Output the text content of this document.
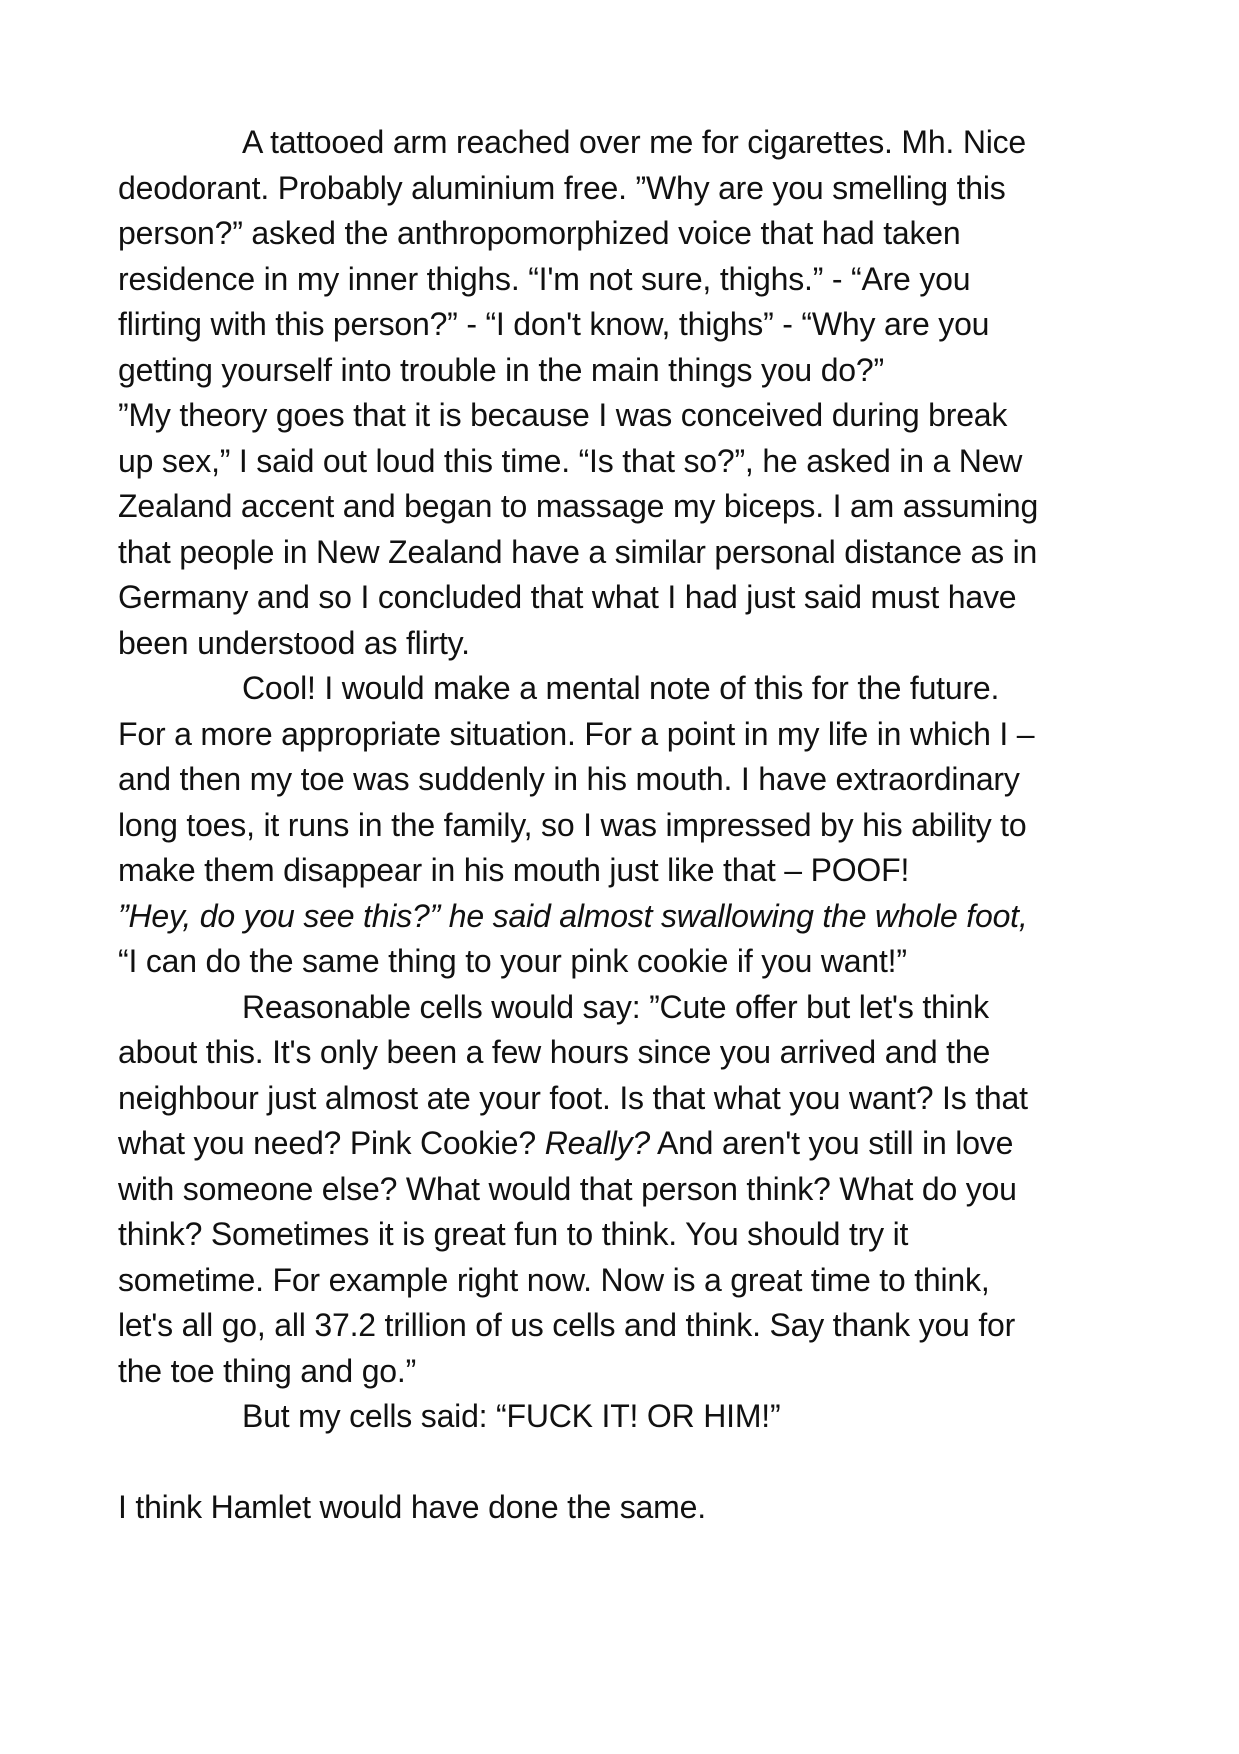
A tattooed arm reached over me for cigarettes. Mh. Nice
deodorant. Probably aluminium free. ”Why are you smelling this
person?” asked the anthropomorphized voice that had taken
residence in my inner thighs. “I'm not sure, thighs.” - “Are you
flirting with this person?” - “I don't know, thighs” - “Why are you
getting yourself into trouble in the main things you do?”
”My theory goes that it is because I was conceived during break
up sex,” I said out loud this time. “Is that so?”, he asked in a New
Zealand accent and began to massage my biceps. I am assuming
that people in New Zealand have a similar personal distance as in
Germany and so I concluded that what I had just said must have
been understood as flirty.
Cool! I would make a mental note of this for the future.
For a more appropriate situation. For a point in my life in which I –
and then my toe was suddenly in his mouth. I have extraordinary
long toes, it runs in the family, so I was impressed by his ability to
make them disappear in his mouth just like that – POOF!
”Hey, do you see this?” he said almost swallowing the whole foot,
“I can do the same thing to your pink cookie if you want!”
Reasonable cells would say: ”Cute offer but let's think
about this. It's only been a few hours since you arrived and the
neighbour just almost ate your foot. Is that what you want? Is that
what you need? Pink Cookie? Really? And aren't you still in love
with someone else? What would that person think? What do you
think? Sometimes it is great fun to think. You should try it
sometime. For example right now. Now is a great time to think,
let's all go, all 37.2 trillion of us cells and think. Say thank you for
the toe thing and go.”
But my cells said: “FUCK IT! OR HIM!”
I think Hamlet would have done the same.
